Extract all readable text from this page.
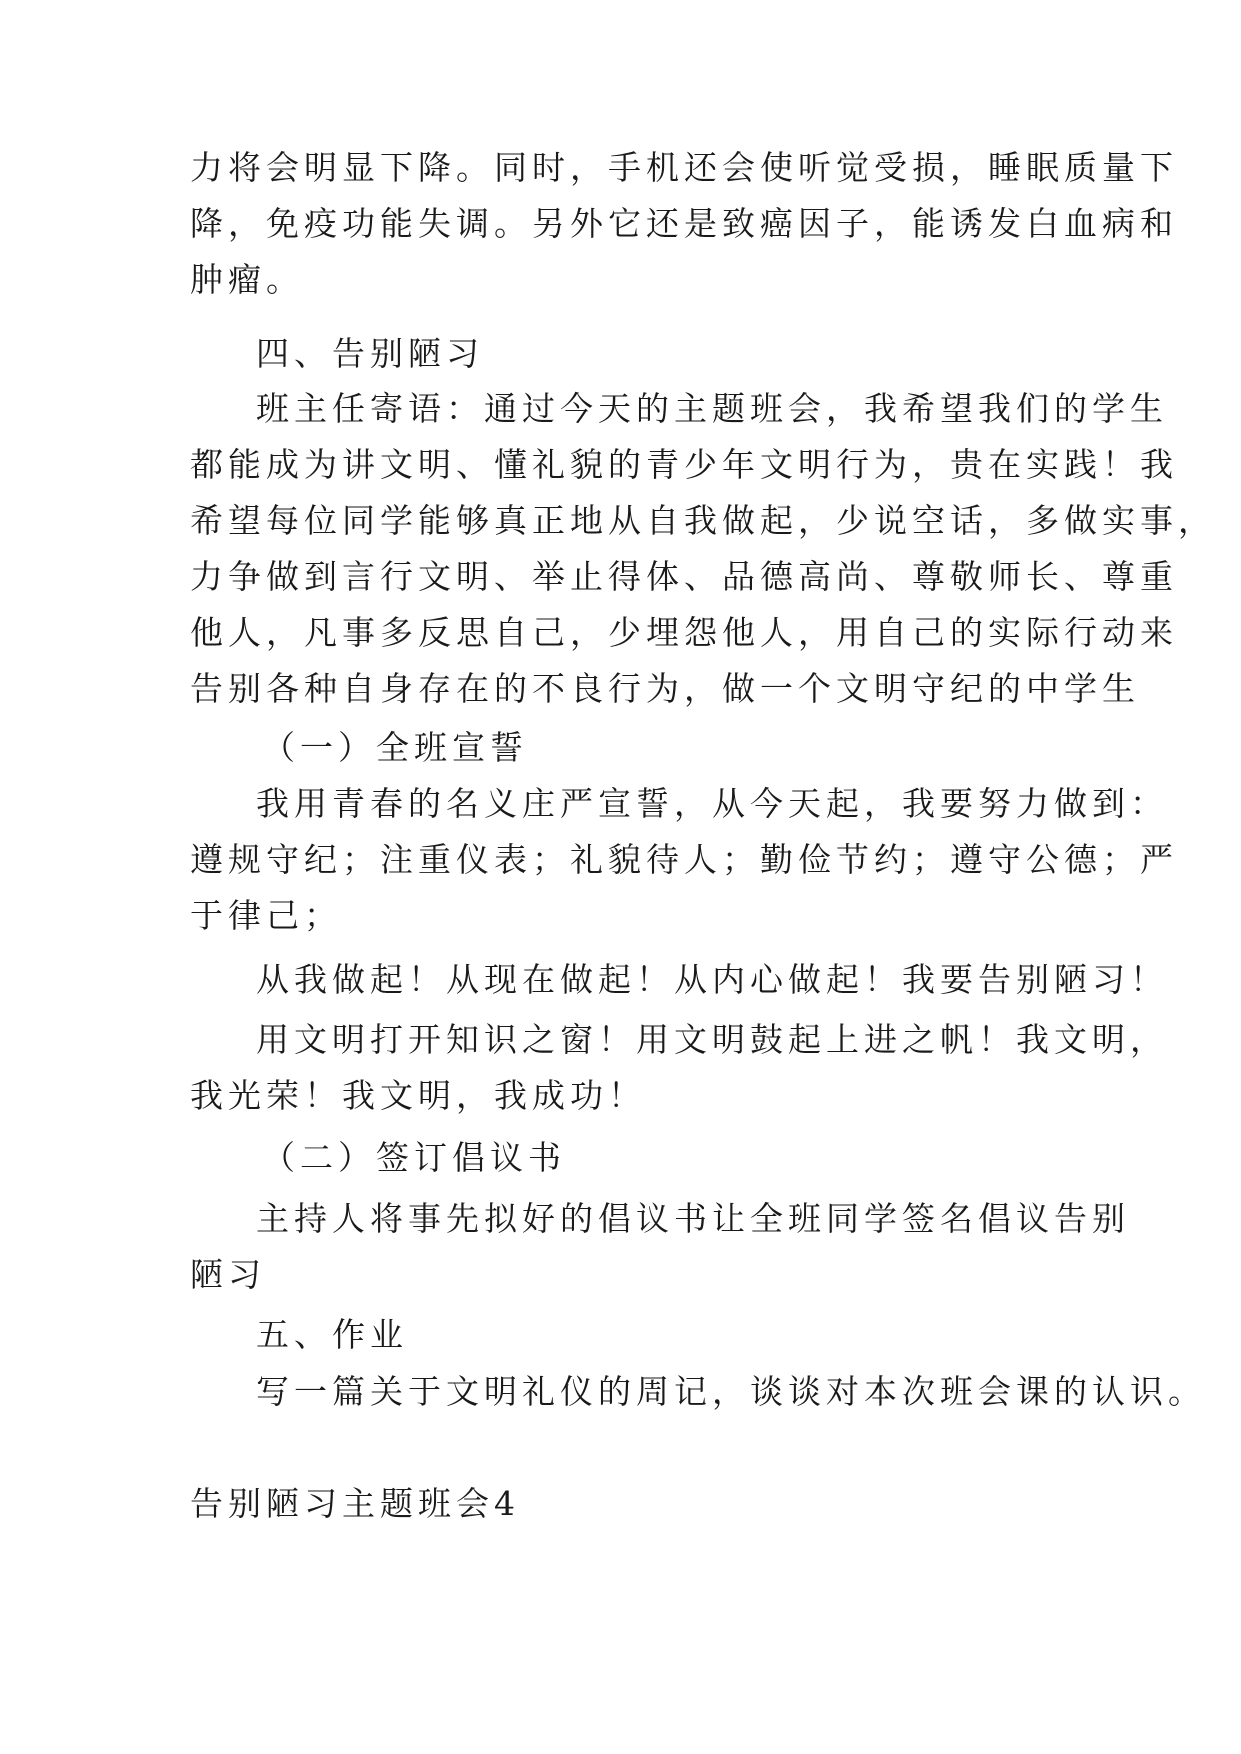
力将会明显下降。同时，手机还会使听觉受损，睡眠质量下

降，免疫功能失调。另外它还是致癌因子，能诱发白血病和

肿瘤。

四、告别陋习

班主任寄语：通过今天的主题班会，我希望我们的学生

都能成为讲文明、懂礼貌的青少年文明行为，贵在实践！我

希望每位同学能够真正地从自我做起，少说空话，多做实事，

力争做到言行文明、举止得体、品德高尚、尊敬师长、尊重

他人，凡事多反思自己，少埋怨他人，用自己的实际行动来

告别各种自身存在的不良行为，做一个文明守纪的中学生

（一）全班宣誓

我用青春的名义庄严宣誓，从今天起，我要努力做到：

遵规守纪；注重仪表；礼貌待人；勤俭节约；遵守公德；严

于律己；

从我做起！从现在做起！从内心做起！我要告别陋习！

用文明打开知识之窗！用文明鼓起上进之帆！我文明，

我光荣！我文明，我成功！

（二）签订倡议书

主持人将事先拟好的倡议书让全班同学签名倡议告别

陋习

五、作业

写一篇关于文明礼仪的周记，谈谈对本次班会课的认识。

告别陋习主题班会4
